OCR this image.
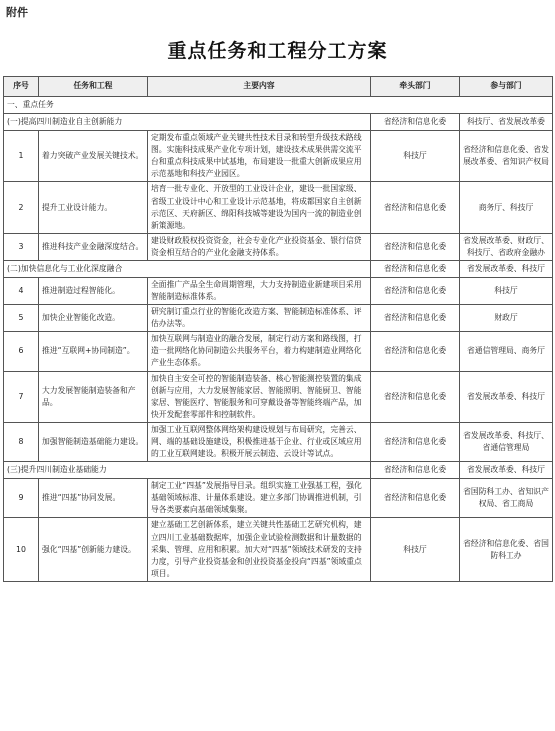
附件
重点任务和工程分工方案
序号	任务和工程	主要内容	牵头部门	参与部门
一、重点任务				
(一)提高四川制造业自主创新能力			省经济和信息化委	科技厅、省发展改革委
1	着力突破产业发展关键技术。	定期发布重点领域产业关键共性技术目录和转型升级技术路线图。实施科技成果产业化专项计划，建设技术成果供需交流平台和重点科技成果中试基地，布局建设一批重大创新成果应用示范基地和科技产业园区。	科技厅	省经济和信息化委、省发展改革委、省知识产权局
2	提升工业设计能力。	培育一批专业化、开放型的工业设计企业，建设一批国家级、省级工业设计中心和工业设计示范基地，将成都国家自主创新示范区、天府新区、绵阳科技城等建设为国内一流的制造业创新策源地。	省经济和信息化委	商务厅、科技厅
3	推进科技产业金融深度结合。	建设财政股权投资资金，社会专业化产业投资基金、银行信贷资金相互结合的产业化金融支持体系。	省经济和信息化委	省发展改革委、财政厅、科技厅、省政府金融办
(二)加快信息化与工业化深度融合			省经济和信息化委	省发展改革委、科技厅
4	推进制造过程智能化。	全面推广产品全生命周期管理，大力支持制造业新建项目采用智能制造标准体系。	省经济和信息化委	科技厅
5	加快企业智能化改造。	研究制订重点行业的智能化改造方案、智能制造标准体系、评估办法等。	省经济和信息化委	财政厅
6	推进“互联网+协同制造”。	加快互联网与制造业的融合发展，制定行动方案和路线图，打造一批网络化协同制造公共服务平台，着力构建制造业网络化产业生态体系。	省经济和信息化委	省通信管理局、商务厅
7	大力发展智能制造装备和产品。	加快自主安全可控的智能制造装备、核心智能测控装置的集成创新与应用，大力发展智能家居、智能照明、智能厨卫、智能家居、智能医疗、智能服务和可穿戴设备等智能终端产品，加快开发配套零部件和控制软件。	省经济和信息化委	省发展改革委、科技厅
8	加强智能制造基础能力建设。	加强工业互联网整体网络架构建设规划与布局研究，完善云、网、端的基础设施建设，积极推进基于企业、行业或区域应用的工业互联网建设。积极开展云制造、云设计等试点。	省经济和信息化委	省发展改革委、科技厅、省通信管理局
(三)提升四川制造业基础能力			省经济和信息化委	省发展改革委、科技厅
9	推进“四基”协同发展。	制定工业“四基”发展指导目录。组织实施工业强基工程，强化基础领域标准、计量体系建设。建立多部门协调推进机制，引导各类要素向基础领域集聚。	省经济和信息化委	省国防科工办、省知识产权局、省工商局
10	强化“四基”创新能力建设。	建立基础工艺创新体系，建立关键共性基础工艺研究机构，建立四川工业基础数据库，加强企业试验检测数据和计量数据的采集、管理、应用和积累。加大对“四基”领域技术研发的支持力度，引导产业投资基金和创业投资基金投向“四基”领域重点项目。	科技厅	省经济和信息化委、省国防科工办
